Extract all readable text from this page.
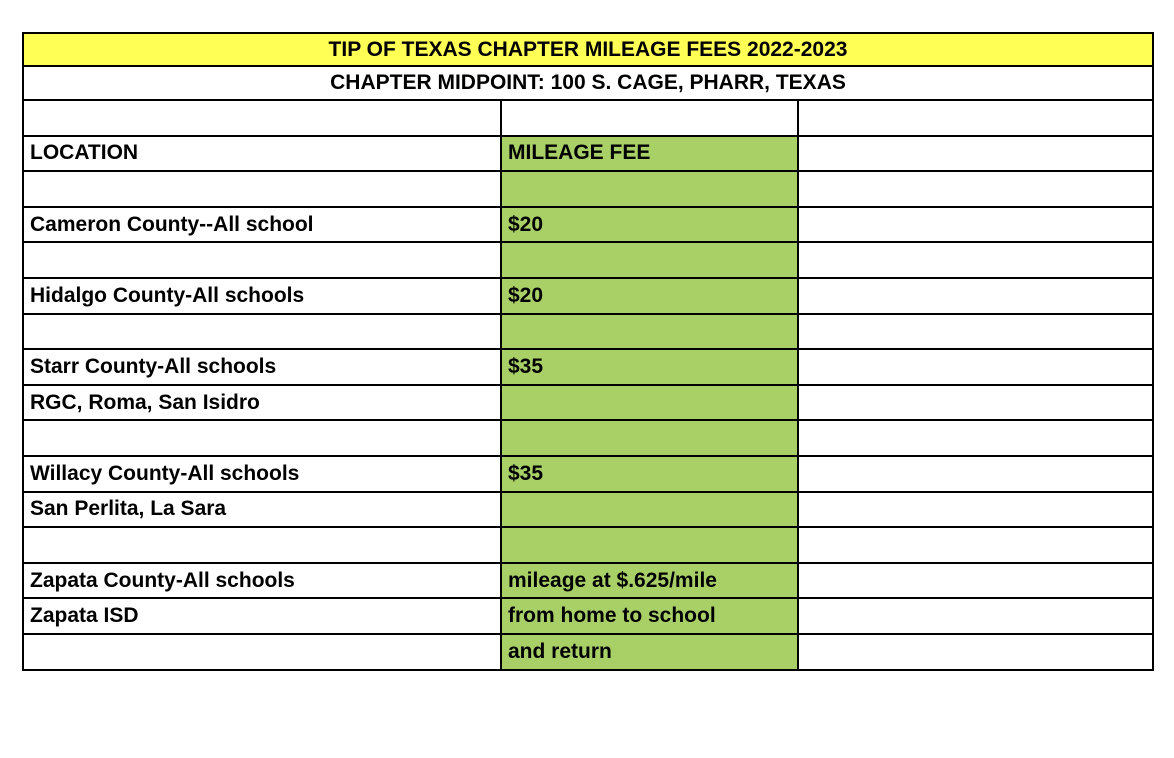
TIP OF TEXAS CHAPTER MILEAGE FEES 2022-2023		
CHAPTER MIDPOINT: 100 S. CAGE, PHARR, TEXAS		

LOCATION	MILEAGE FEE	

Cameron County--All school	$20	

Hidalgo County-All schools	$20	

Starr County-All schools	$35	
RGC, Roma, San Isidro		

Willacy County-All schools	$35	
San Perlita, La Sara		

Zapata County-All schools	mileage at $.625/mile	
Zapata ISD	from home to school	
	and return	
